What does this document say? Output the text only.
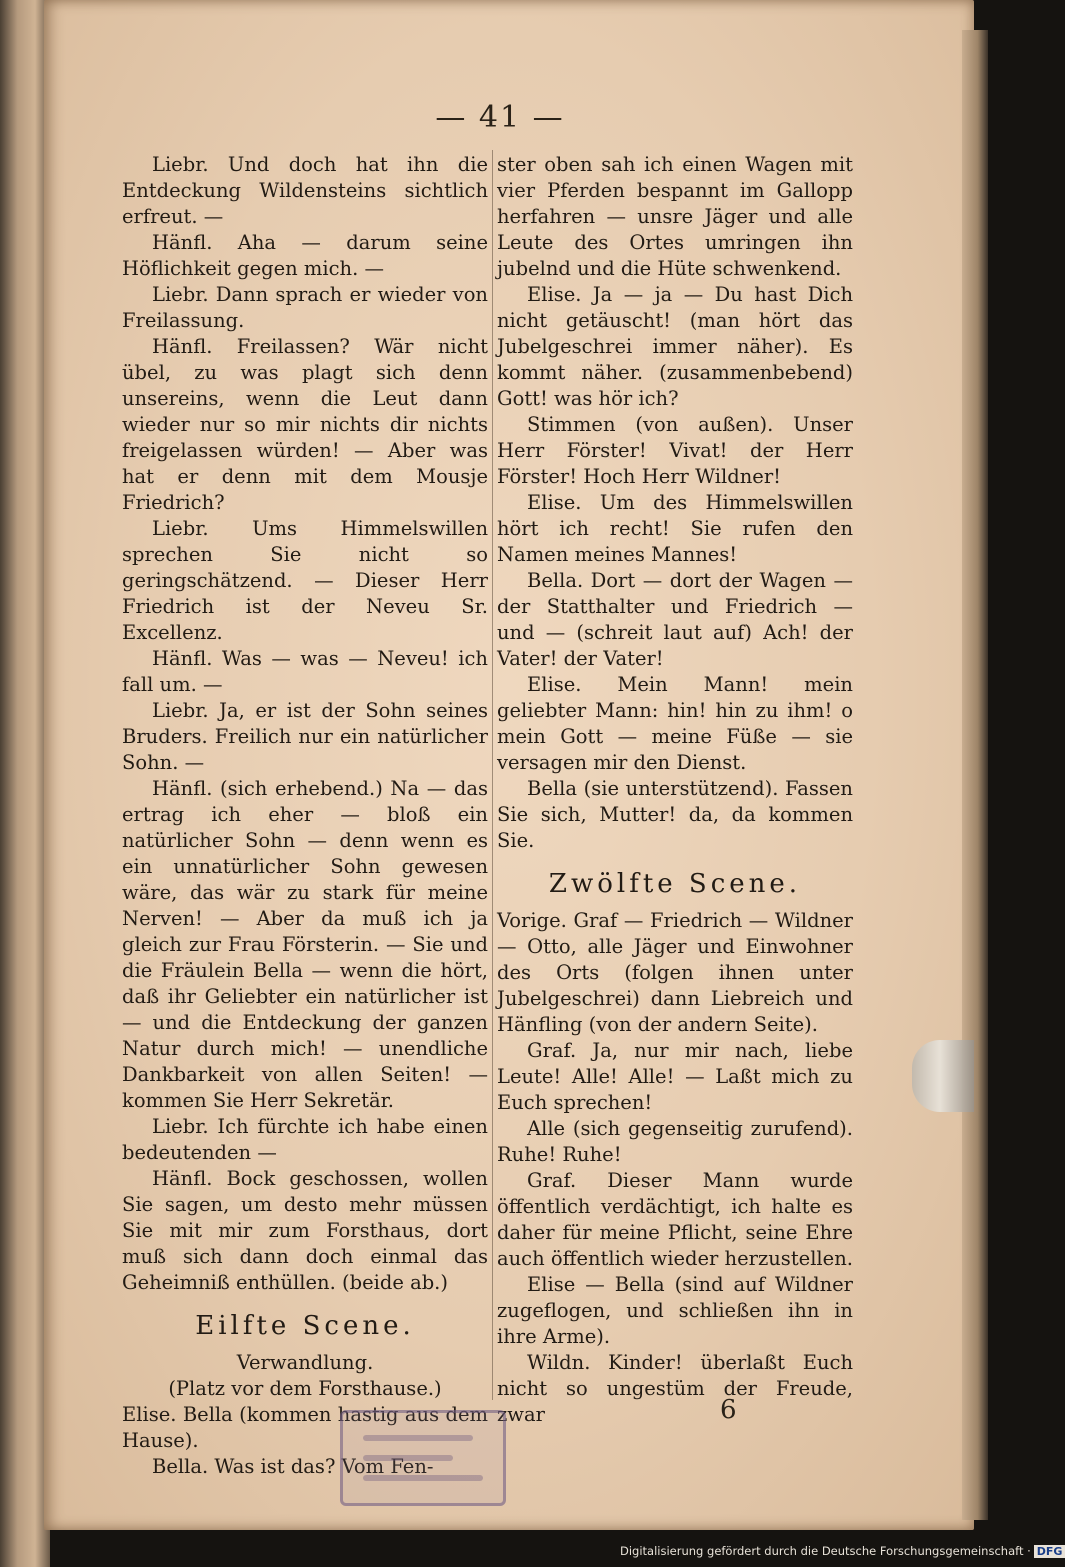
— 41 —
Liebr. Und doch hat ihn die Entdeckung Wildensteins sichtlich erfreut. —
Hänfl. Aha — darum seine Höflichkeit gegen mich. —
Liebr. Dann sprach er wieder von Freilassung.
Hänfl. Freilassen? Wär nicht übel, zu was plagt sich denn unsereins, wenn die Leut dann wieder nur so mir nichts dir nichts freigelassen würden! — Aber was hat er denn mit dem Mousje Friedrich?
Liebr. Ums Himmelswillen sprechen Sie nicht so geringschätzend. — Dieser Herr Friedrich ist der Neveu Sr. Excellenz.
Hänfl. Was — was — Neveu! ich fall um. —
Liebr. Ja, er ist der Sohn seines Bruders. Freilich nur ein natürlicher Sohn. —
Hänfl. (sich erhebend.) Na — das ertrag ich eher — bloß ein natürlicher Sohn — denn wenn es ein unnatürlicher Sohn gewesen wäre, das wär zu stark für meine Nerven! — Aber da muß ich ja gleich zur Frau Försterin. — Sie und die Fräulein Bella — wenn die hört, daß ihr Geliebter ein natürlicher ist — und die Entdeckung der ganzen Natur durch mich! — unendliche Dankbarkeit von allen Seiten! — kommen Sie Herr Sekretär.
Liebr. Ich fürchte ich habe einen bedeutenden —
Hänfl. Bock geschossen, wollen Sie sagen, um desto mehr müssen Sie mit mir zum Forsthaus, dort muß sich dann doch einmal das Geheimniß enthüllen. (beide ab.)
Eilfte Scene.
Verwandlung.
(Platz vor dem Forsthause.)
Elise. Bella (kommen hastig aus dem Hause).
Bella. Was ist das? Vom Fen-
ster oben sah ich einen Wagen mit vier Pferden bespannt im Gallopp herfahren — unsre Jäger und alle Leute des Ortes umringen ihn jubelnd und die Hüte schwenkend.
Elise. Ja — ja — Du hast Dich nicht getäuscht! (man hört das Jubelgeschrei immer näher). Es kommt näher. (zusammenbebend) Gott! was hör ich?
Stimmen (von außen). Unser Herr Förster! Vivat! der Herr Förster! Hoch Herr Wildner!
Elise. Um des Himmelswillen hört ich recht! Sie rufen den Namen meines Mannes!
Bella. Dort — dort der Wagen — der Statthalter und Friedrich — und — (schreit laut auf) Ach! der Vater! der Vater!
Elise. Mein Mann! mein geliebter Mann: hin! hin zu ihm! o mein Gott — meine Füße — sie versagen mir den Dienst.
Bella (sie unterstützend). Fassen Sie sich, Mutter! da, da kommen Sie.
Zwölfte Scene.
Vorige. Graf — Friedrich — Wildner — Otto, alle Jäger und Einwohner des Orts (folgen ihnen unter Jubelgeschrei) dann Liebreich und Hänfling (von der andern Seite).
Graf. Ja, nur mir nach, liebe Leute! Alle! Alle! — Laßt mich zu Euch sprechen!
Alle (sich gegenseitig zurufend). Ruhe! Ruhe!
Graf. Dieser Mann wurde öffentlich verdächtigt, ich halte es daher für meine Pflicht, seine Ehre auch öffentlich wieder herzustellen.
Elise — Bella (sind auf Wildner zugeflogen, und schließen ihn in ihre Arme).
Wildn. Kinder! überlaßt Euch nicht so ungestüm der Freude, zwar	6
Digitalisierung gefördert durch die Deutsche Forschungsgemeinschaft · DFG
